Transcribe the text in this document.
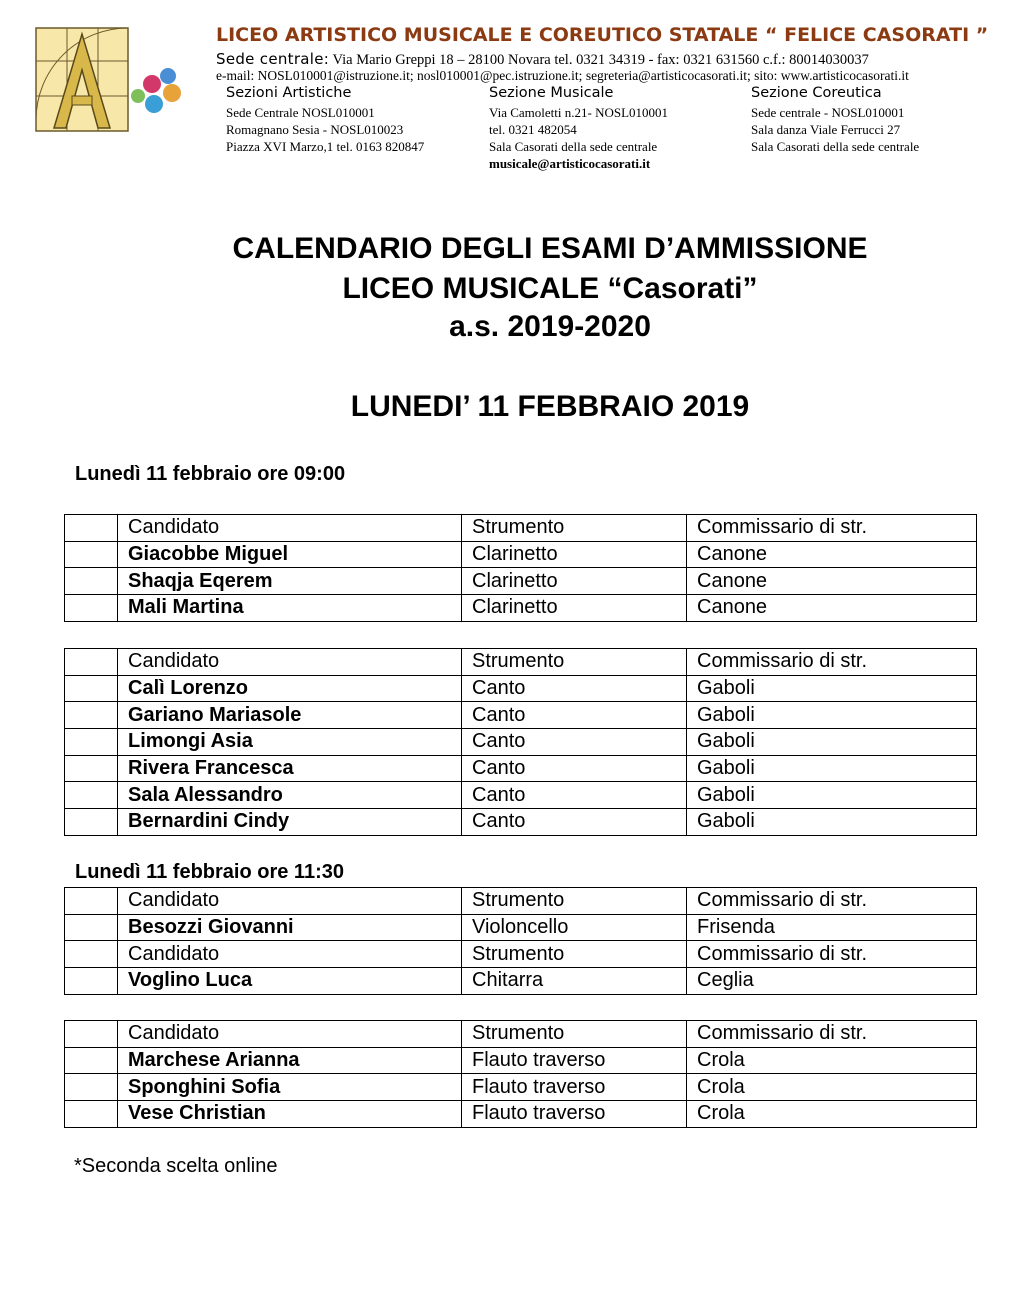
LICEO ARTISTICO MUSICALE E COREUTICO STATALE “ FELICE CASORATI ”
Sede centrale: Via Mario Greppi 18 – 28100 Novara tel. 0321 34319 - fax: 0321 631560 c.f.: 80014030037
e-mail: NOSL010001@istruzione.it; nosl010001@pec.istruzione.it; segreteria@artisticocasorati.it; sito: www.artisticocasorati.it
Sezioni Artistiche
Sede Centrale NOSL010001
Romagnano Sesia - NOSL010023
Piazza XVI Marzo,1 tel. 0163 820847
Sezione Musicale
Via Camoletti n.21- NOSL010001
tel. 0321 482054
Sala Casorati della sede centrale
musicale@artisticocasorati.it
Sezione Coreutica
Sede centrale - NOSL010001
Sala danza Viale Ferrucci 27
Sala Casorati della sede centrale
CALENDARIO DEGLI ESAMI D’AMMISSIONE
LICEO MUSICALE “Casorati”
a.s. 2019-2020
LUNEDI’ 11 FEBBRAIO 2019
Lunedì 11 febbraio ore 09:00
	Candidato	Strumento	Commissario di str.
	Giacobbe Miguel	Clarinetto	Canone
	Shaqja Eqerem	Clarinetto	Canone
	Mali Martina	Clarinetto	Canone
	Candidato	Strumento	Commissario di str.
	Calì Lorenzo	Canto	Gaboli
	Gariano Mariasole	Canto	Gaboli
	Limongi Asia	Canto	Gaboli
	Rivera Francesca	Canto	Gaboli
	Sala Alessandro	Canto	Gaboli
	Bernardini Cindy	Canto	Gaboli
Lunedì 11 febbraio ore 11:30
	Candidato	Strumento	Commissario di str.
	Besozzi Giovanni	Violoncello	Frisenda
	Candidato	Strumento	Commissario di str.
	Voglino Luca	Chitarra	Ceglia
	Candidato	Strumento	Commissario di str.
	Marchese Arianna	Flauto traverso	Crola
	Sponghini Sofia	Flauto traverso	Crola
	Vese Christian	Flauto traverso	Crola
*Seconda scelta online
